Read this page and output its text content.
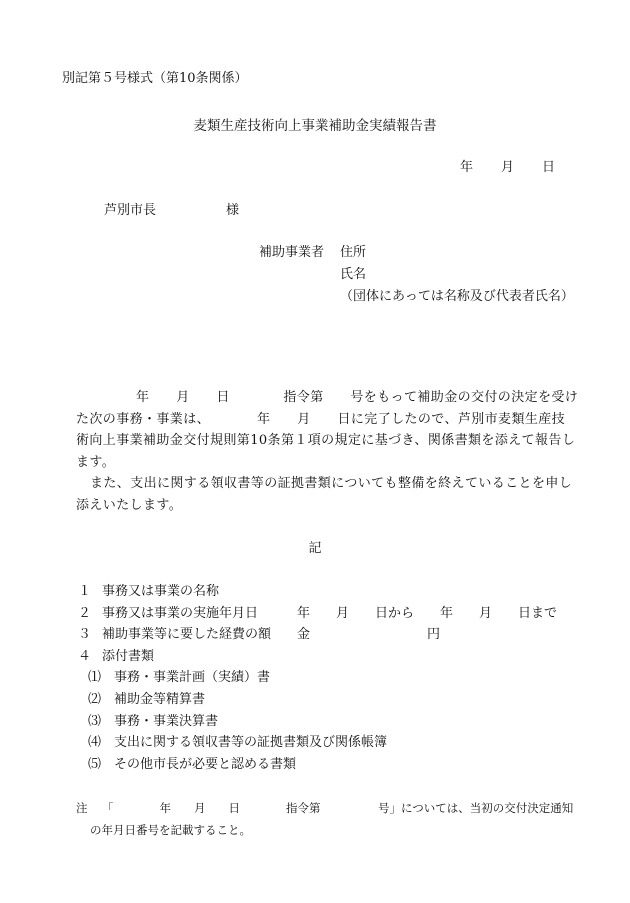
別記第５号様式（第10条関係）
麦類生産技術向上事業補助金実績報告書
年 月 日
芦別市長	様
補助事業者 住所
氏名
（団体にあっては名称及び代表者氏名）
年　　月　　日　　　　指令第　　号をもって補助金の交付の決定を受け
た次の事務・事業は、　　　　年　　月　　日に完了したので、芦別市麦類生産技
術向上事業補助金交付規則第10条第１項の規定に基づき、関係書類を添えて報告し
ます。
また、支出に関する領収書等の証拠書類についても整備を終えていることを申し
添えいたします。
記
１ 事務又は事業の名称
２ 事務又は事業の実施年月日　　　年　　月　　日から　　年　　月　　日まで
３ 補助事業等に要した経費の額　　金　　　　　　　　　円
４ 添付書類
⑴ 事務・事業計画（実績）書
⑵ 補助金等精算書
⑶ 事務・事業決算書
⑷ 支出に関する領収書等の証拠書類及び関係帳簿
⑸ その他市長が必要と認める書類
注 「　　　　年　　月　　日　　　　指令第　　　　　号」については、当初の交付決定通知
の年月日番号を記載すること。
